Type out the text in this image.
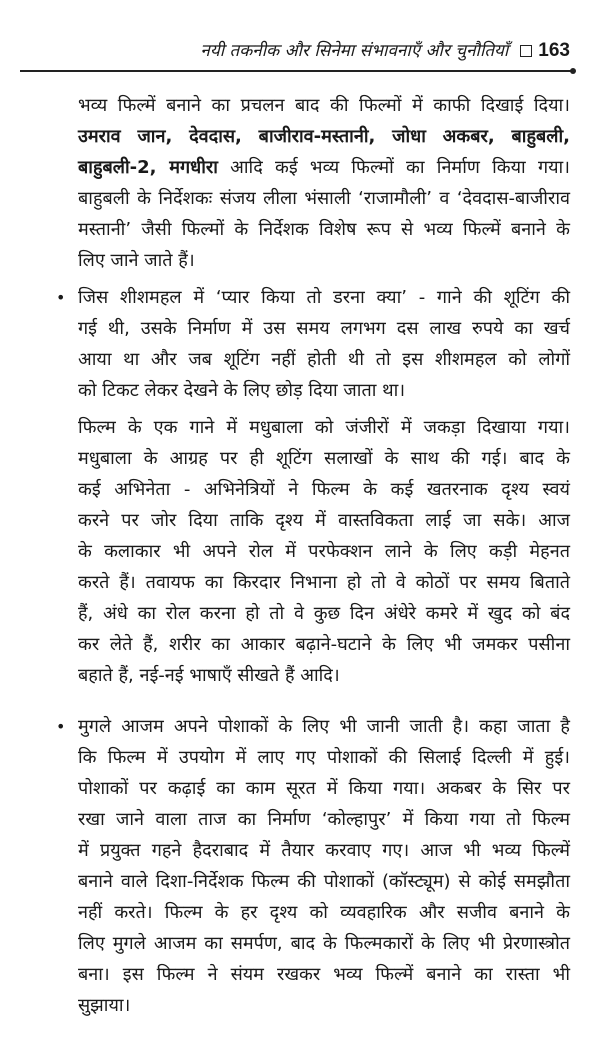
नयी तकनीक और सिनेमा संभावनाएँ और चुनौतियाँ 163
भव्य फिल्में बनाने का प्रचलन बाद की फिल्मों में काफी दिखाई दिया।
उमराव जान, देवदास, बाजीराव-मस्तानी, जोधा अकबर, बाहुबली,
बाहुबली-2, मगधीरा आदि कई भव्य फिल्मों का निर्माण किया गया।
बाहुबली के निर्देशकः संजय लीला भंसाली ‘राजामौली’ व ‘देवदास-बाजीराव
मस्तानी’ जैसी फिल्मों के निर्देशक विशेष रूप से भव्य फिल्में बनाने के
लिए जाने जाते हैं।
• जिस शीशमहल में ‘प्यार किया तो डरना क्या’ - गाने की शूटिंग की
गई थी, उसके निर्माण में उस समय लगभग दस लाख रुपये का खर्च
आया था और जब शूटिंग नहीं होती थी तो इस शीशमहल को लोगों
को टिकट लेकर देखने के लिए छोड़ दिया जाता था।
फिल्म के एक गाने में मधुबाला को जंजीरों में जकड़ा दिखाया गया।
मधुबाला के आग्रह पर ही शूटिंग सलाखों के साथ की गई। बाद के
कई अभिनेता - अभिनेत्रियों ने फिल्म के कई खतरनाक दृश्य स्वयं
करने पर जोर दिया ताकि दृश्य में वास्तविकता लाई जा सके। आज
के कलाकार भी अपने रोल में परफेक्शन लाने के लिए कड़ी मेहनत
करते हैं। तवायफ का किरदार निभाना हो तो वे कोठों पर समय बिताते
हैं, अंधे का रोल करना हो तो वे कुछ दिन अंधेरे कमरे में खुद को बंद
कर लेते हैं, शरीर का आकार बढ़ाने-घटाने के लिए भी जमकर पसीना
बहाते हैं, नई-नई भाषाएँ सीखते हैं आदि।
• मुगले आजम अपने पोशाकों के लिए भी जानी जाती है। कहा जाता है
कि फिल्म में उपयोग में लाए गए पोशाकों की सिलाई दिल्ली में हुई।
पोशाकों पर कढ़ाई का काम सूरत में किया गया। अकबर के सिर पर
रखा जाने वाला ताज का निर्माण ‘कोल्हापुर’ में किया गया तो फिल्म
में प्रयुक्त गहने हैदराबाद में तैयार करवाए गए। आज भी भव्य फिल्में
बनाने वाले दिशा-निर्देशक फिल्म की पोशाकों (कॉस्ट्यूम) से कोई समझौता
नहीं करते। फिल्म के हर दृश्य को व्यवहारिक और सजीव बनाने के
लिए मुगले आजम का समर्पण, बाद के फिल्मकारों के लिए भी प्रेरणास्त्रोत
बना। इस फिल्म ने संयम रखकर भव्य फिल्में बनाने का रास्ता भी
सुझाया।
